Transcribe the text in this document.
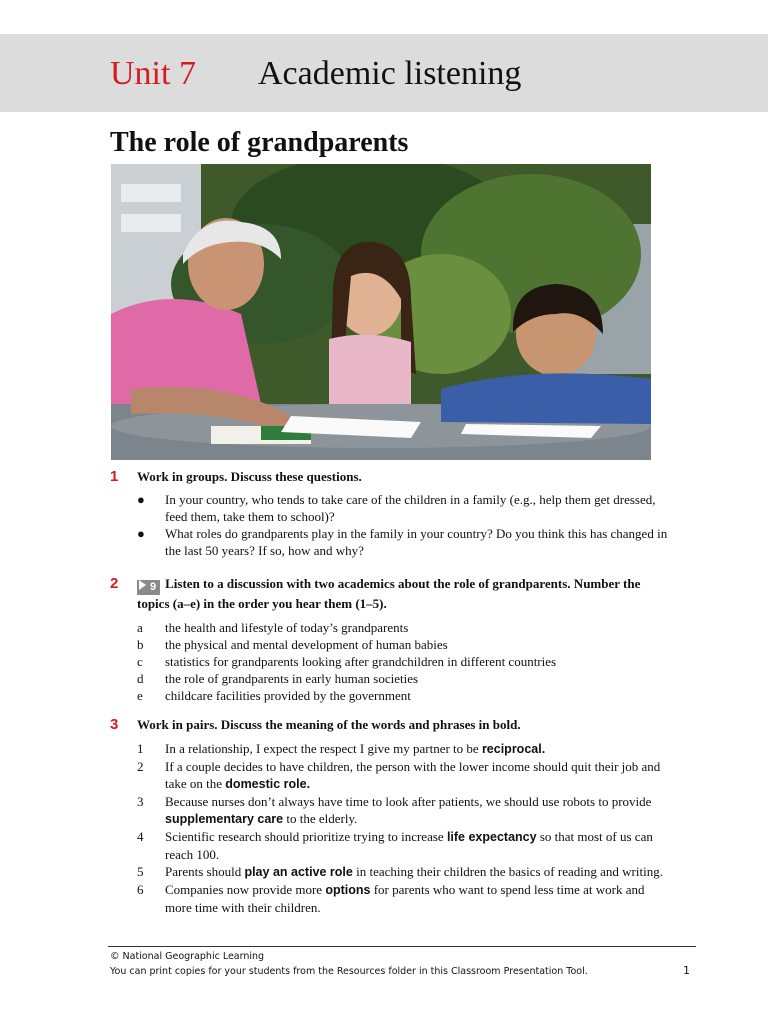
Unit 7 Academic listening
The role of grandparents
1 Work in groups. Discuss these questions.
●	In your country, who tends to take care of the children in a family (e.g., help them get dressed, feed them, take them to school)?
●	What roles do grandparents play in the family in your country? Do you think this has changed in the last 50 years? If so, how and why?
2	9 Listen to a discussion with two academics about the role of grandparents. Number the topics (a–e) in the order you hear them (1–5).
a	the health and lifestyle of today’s grandparents
b	the physical and mental development of human babies
c	statistics for grandparents looking after grandchildren in different countries
d	the role of grandparents in early human societies
e	childcare facilities provided by the government
3 Work in pairs. Discuss the meaning of the words and phrases in bold.
1	In a relationship, I expect the respect I give my partner to be reciprocal.
2	If a couple decides to have children, the person with the lower income should quit their job and take on the domestic role.
3	Because nurses don’t always have time to look after patients, we should use robots to provide supplementary care to the elderly.
4	Scientific research should prioritize trying to increase life expectancy so that most of us can reach 100.
5	Parents should play an active role in teaching their children the basics of reading and writing.
6	Companies now provide more options for parents who want to spend less time at work and more time with their children.
© National Geographic Learning
You can print copies for your students from the Resources folder in this Classroom Presentation Tool.	1
